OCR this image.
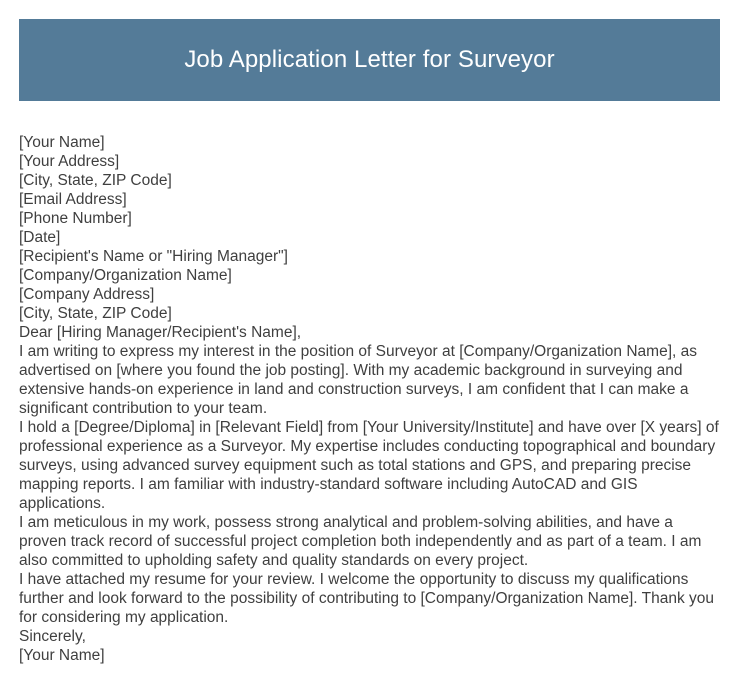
Job Application Letter for Surveyor
[Your Name]
[Your Address]
[City, State, ZIP Code]
[Email Address]
[Phone Number]
[Date]
[Recipient's Name or "Hiring Manager"]
[Company/Organization Name]
[Company Address]
[City, State, ZIP Code]
Dear [Hiring Manager/Recipient's Name],

I am writing to express my interest in the position of Surveyor at [Company/Organization Name], as advertised on [where you found the job posting]. With my academic background in surveying and extensive hands-on experience in land and construction surveys, I am confident that I can make a significant contribution to your team.

I hold a [Degree/Diploma] in [Relevant Field] from [Your University/Institute] and have over [X years] of professional experience as a Surveyor. My expertise includes conducting topographical and boundary surveys, using advanced survey equipment such as total stations and GPS, and preparing precise mapping reports. I am familiar with industry-standard software including AutoCAD and GIS applications.

I am meticulous in my work, possess strong analytical and problem-solving abilities, and have a proven track record of successful project completion both independently and as part of a team. I am also committed to upholding safety and quality standards on every project.

I have attached my resume for your review. I welcome the opportunity to discuss my qualifications further and look forward to the possibility of contributing to [Company/Organization Name]. Thank you for considering my application.

Sincerely,
[Your Name]
